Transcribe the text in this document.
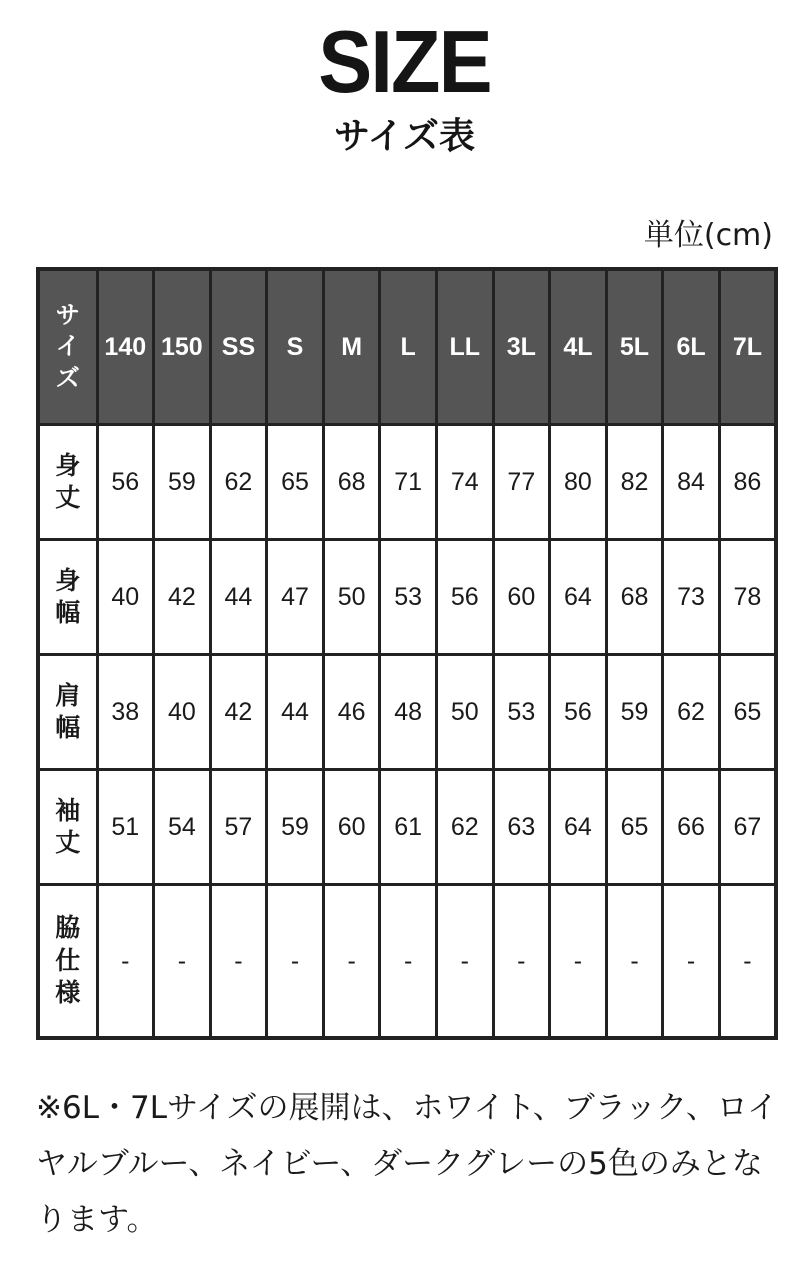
SIZE
サイズ表
単位(cm)
サイズ	140	150	SS	S	M	L	LL	3L	4L	5L	6L	7L
身丈	56	59	62	65	68	71	74	77	80	82	84	86
身幅	40	42	44	47	50	53	56	60	64	68	73	78
肩幅	38	40	42	44	46	48	50	53	56	59	62	65
袖丈	51	54	57	59	60	61	62	63	64	65	66	67
脇仕様	-	-	-	-	-	-	-	-	-	-	-	-
※6L・7Lサイズの展開は、ホワイト、ブラック、ロイヤルブルー、ネイビー、ダークグレーの5色のみとなります。
